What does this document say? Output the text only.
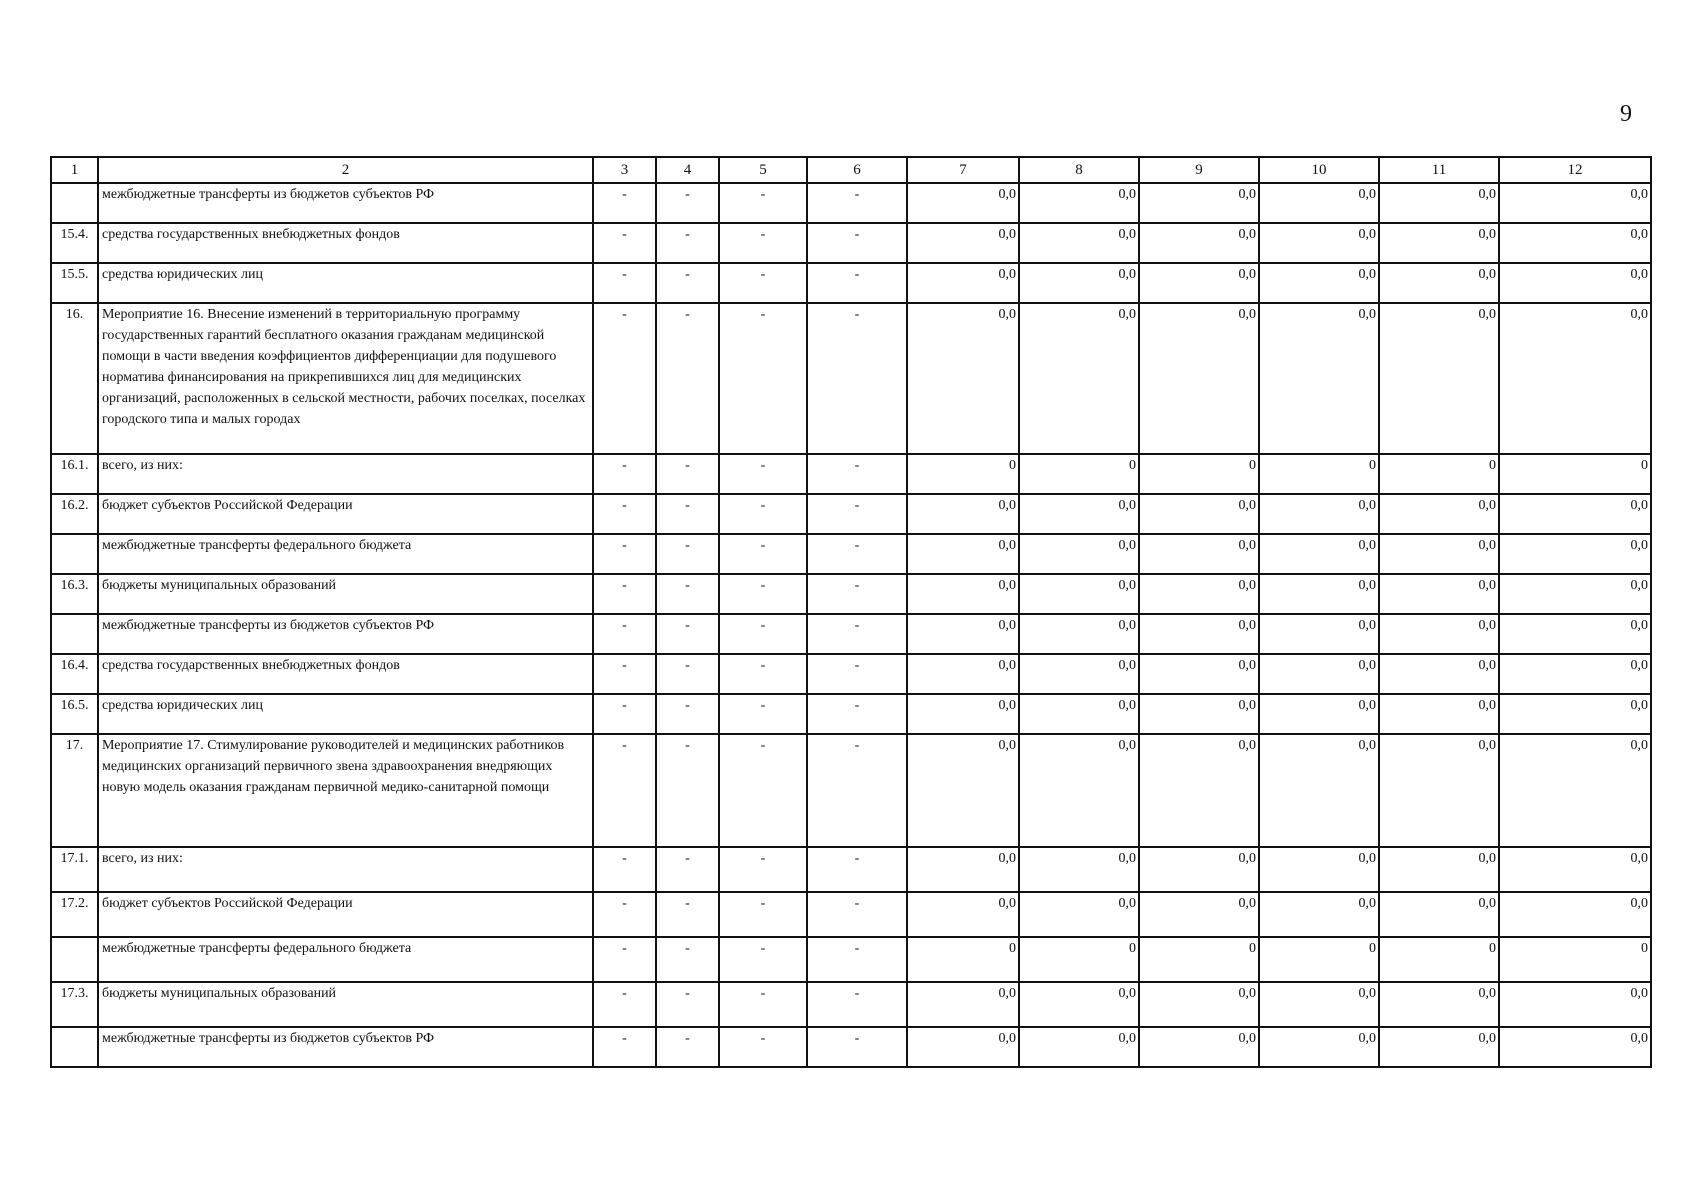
9
1	2	3	4	5	6	7	8	9	10	11	12
	межбюджетные трансферты из бюджетов субъектов РФ	-	-	-	-	0,0	0,0	0,0	0,0	0,0	0,0
15.4.	средства государственных внебюджетных фондов	-	-	-	-	0,0	0,0	0,0	0,0	0,0	0,0
15.5.	средства юридических лиц	-	-	-	-	0,0	0,0	0,0	0,0	0,0	0,0
16.	Мероприятие 16. Внесение изменений в территориальную программу государственных гарантий бесплатного оказания гражданам медицинской помощи в части введения коэффициентов дифференциации для подушевого норматива финансирования на прикрепившихся лиц для медицинских организаций, расположенных в сельской местности, рабочих поселках, поселках городского типа и малых городах	-	-	-	-	0,0	0,0	0,0	0,0	0,0	0,0
16.1.	всего, из них:	-	-	-	-	0	0	0	0	0	0
16.2.	бюджет субъектов Российской Федерации	-	-	-	-	0,0	0,0	0,0	0,0	0,0	0,0
	межбюджетные трансферты федерального бюджета	-	-	-	-	0,0	0,0	0,0	0,0	0,0	0,0
16.3.	бюджеты муниципальных образований	-	-	-	-	0,0	0,0	0,0	0,0	0,0	0,0
	межбюджетные трансферты из бюджетов субъектов РФ	-	-	-	-	0,0	0,0	0,0	0,0	0,0	0,0
16.4.	средства государственных внебюджетных фондов	-	-	-	-	0,0	0,0	0,0	0,0	0,0	0,0
16.5.	средства юридических лиц	-	-	-	-	0,0	0,0	0,0	0,0	0,0	0,0
17.	Мероприятие 17. Стимулирование руководителей и медицинских работников медицинских организаций первичного звена здравоохранения внедряющих новую модель оказания гражданам первичной медико-санитарной помощи	-	-	-	-	0,0	0,0	0,0	0,0	0,0	0,0
17.1.	всего, из них:	-	-	-	-	0,0	0,0	0,0	0,0	0,0	0,0
17.2.	бюджет субъектов Российской Федерации	-	-	-	-	0,0	0,0	0,0	0,0	0,0	0,0
	межбюджетные трансферты федерального бюджета	-	-	-	-	0	0	0	0	0	0
17.3.	бюджеты муниципальных образований	-	-	-	-	0,0	0,0	0,0	0,0	0,0	0,0
	межбюджетные трансферты из бюджетов субъектов РФ	-	-	-	-	0,0	0,0	0,0	0,0	0,0	0,0
